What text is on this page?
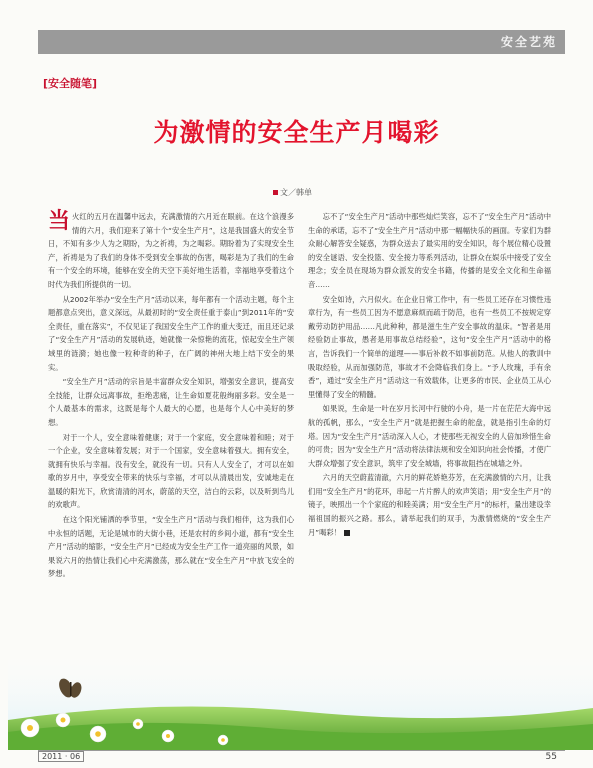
安全艺苑
[安全随笔]
为激情的安全生产月喝彩
文／韩单

当火红的五月在温馨中远去，充满激情的六月近在眼前。在这个浪漫多情的六月，我们迎来了第十个“安全生产月”，这是我国盛大的安全节日，不知有多少人为之期盼，为之祈祷，为之喝彩。期盼着为了实现安全生产，祈祷是为了我们的身体不受到安全事故的伤害，喝彩是为了我们的生命有一个安全的环境，能够在安全的天空下美好地生活着，幸福地享受着这个时代为我们所提供的一切。

从2002年举办“安全生产月”活动以来，每年都有一个活动主题，每个主题都意点突出，意义深远，从最初时的“安全责任重于泰山”到2011年的“安全责任，重在落实”，不仅见证了我国安全生产工作的重大变迁，而且还记录了“安全生产月”活动的发展轨迹，她就像一朵惊艳的流花，惊起安全生产领域里的涟漪；她也像一粒种奇的种子，在广阔的神州大地上结下安全的果实。

“安全生产月”活动的宗旨是丰富群众安全知识，增强安全意识，提高安全技能，让群众远离事故，拒绝悲痛，让生命如夏花般绚丽多彩。安全是一个人最基本的需求，这既是每个人最大的心愿，也是每个人心中美好的梦想。

对于一个人，安全意味着健康；对于一个家庭，安全意味着和睦；对于一个企业，安全意味着发展；对于一个国家，安全意味着强大。拥有安全，就拥有快乐与幸福。没有安全，就没有一切。只有人人安全了，才可以在如歌的岁月中，享受安全带来的快乐与幸福，才可以从清晨出发，安诚地走在温暖的阳光下，欣赏清清的河水，蔚蓝的天空，洁白的云彩，以及听到鸟儿的欢歌声。

在这个阳光铺洒的季节里，“安全生产月”活动与我们相伴，这为我们心中永恒的话题，无论是城市的大街小巷，还是农村的乡间小道，都有“安全生产月”活动的缩影，“安全生产月”已经成为安全生产工作一道亮丽的风景，如果说六月的热情让我们心中充满激荡，那么就在“安全生产月”中放飞安全的梦想。

忘不了“安全生产月”活动中那些灿烂笑容，忘不了“安全生产月”活动中生命的承诺，忘不了“安全生产月”活动中那一幅幅快乐的画面。专家们为群众耐心解答安全疑惑，为群众送去了最实用的安全知识，每个展位精心设置的安全谜语、安全投篮、安全接力等系列活动，让群众在娱乐中接受了安全理念；安全员在现场为群众派发的安全书籍，传播的是安全文化和生命福音……

安全如诗，六月似火。在企业日常工作中，有一些员工还存在习惯性违章行为，有一些员工因为不愿意麻烦而疏于防范，也有一些员工不按规定穿戴劳动防护用品……凡此种种，都是滋生生产安全事故的温床。“智者是用经验防止事故，愚者是用事故总结经验”，这句“安全生产月”活动中的格言，告诉我们一个简单的道理——事后补救不如事前防范。从他人的教训中吸取经验，从而加强防范，事故才不会降临我们身上。“予人玫瑰，手有余香”，通过“安全生产月”活动这一有效载体，让更多的市民、企业员工从心里懂得了安全的精髓。

如果说，生命是一叶在岁月长河中行驶的小舟，是一片在茫茫大海中远航的孤帆，那么，“安全生产月”就是把握生命的舵盘，就是指引生命的灯塔。因为“安全生产月”活动深入人心，才使那些无视安全的人倍加珍惜生命的可贵；因为“安全生产月”活动将法律法规和安全知识向社会传播，才使广大群众增强了安全意识，筑牢了安全城墙，将事故阻挡在城墙之外。

六月的天空蔚蓝清澈，六月的鲜花娇艳芬芳，在充满激情的六月，让我们用“安全生产月”的花环，串起一片片醉人的欢声笑语；用“安全生产月”的镜子，映照出一个个家庭的和睦美满；用“安全生产月”的标杆，量出建设幸福祖国的振兴之路。那么，请举起我们的双手，为激情燃烧的“安全生产月”喝彩！

2011 · 06	55
